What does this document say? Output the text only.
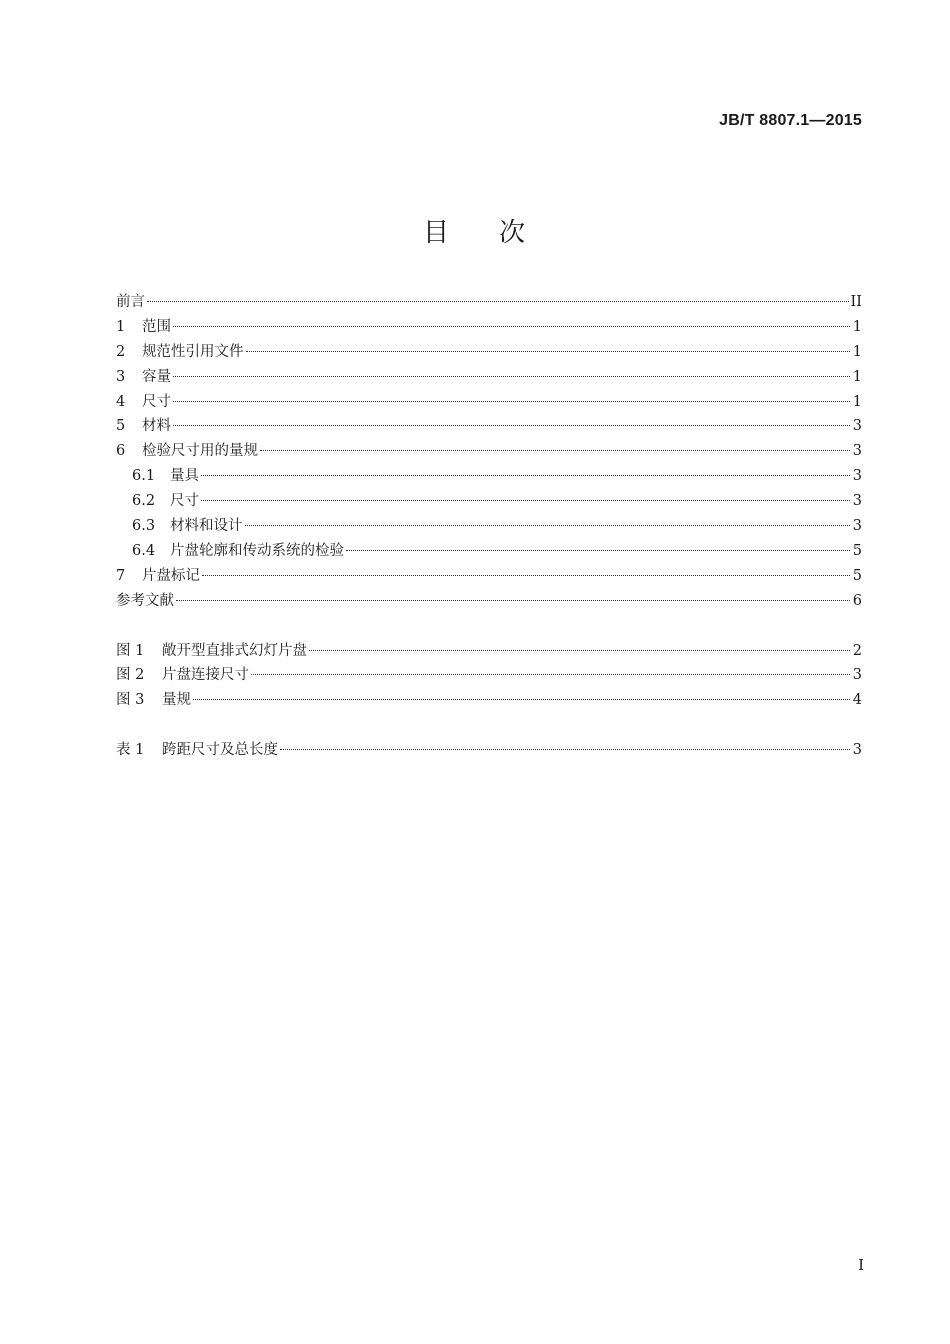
JB/T 8807.1—2015
目 次
前言	II
1	范围	1
2	规范性引用文件	1
3	容量	1
4	尺寸	1
5	材料	3
6	检验尺寸用的量规	3
6.1	量具	3
6.2	尺寸	3
6.3	材料和设计	3
6.4	片盘轮廓和传动系统的检验	5
7	片盘标记	5
参考文献	6
图 1	敞开型直排式幻灯片盘	2
图 2	片盘连接尺寸	3
图 3	量规	4
表 1	跨距尺寸及总长度	3
I
